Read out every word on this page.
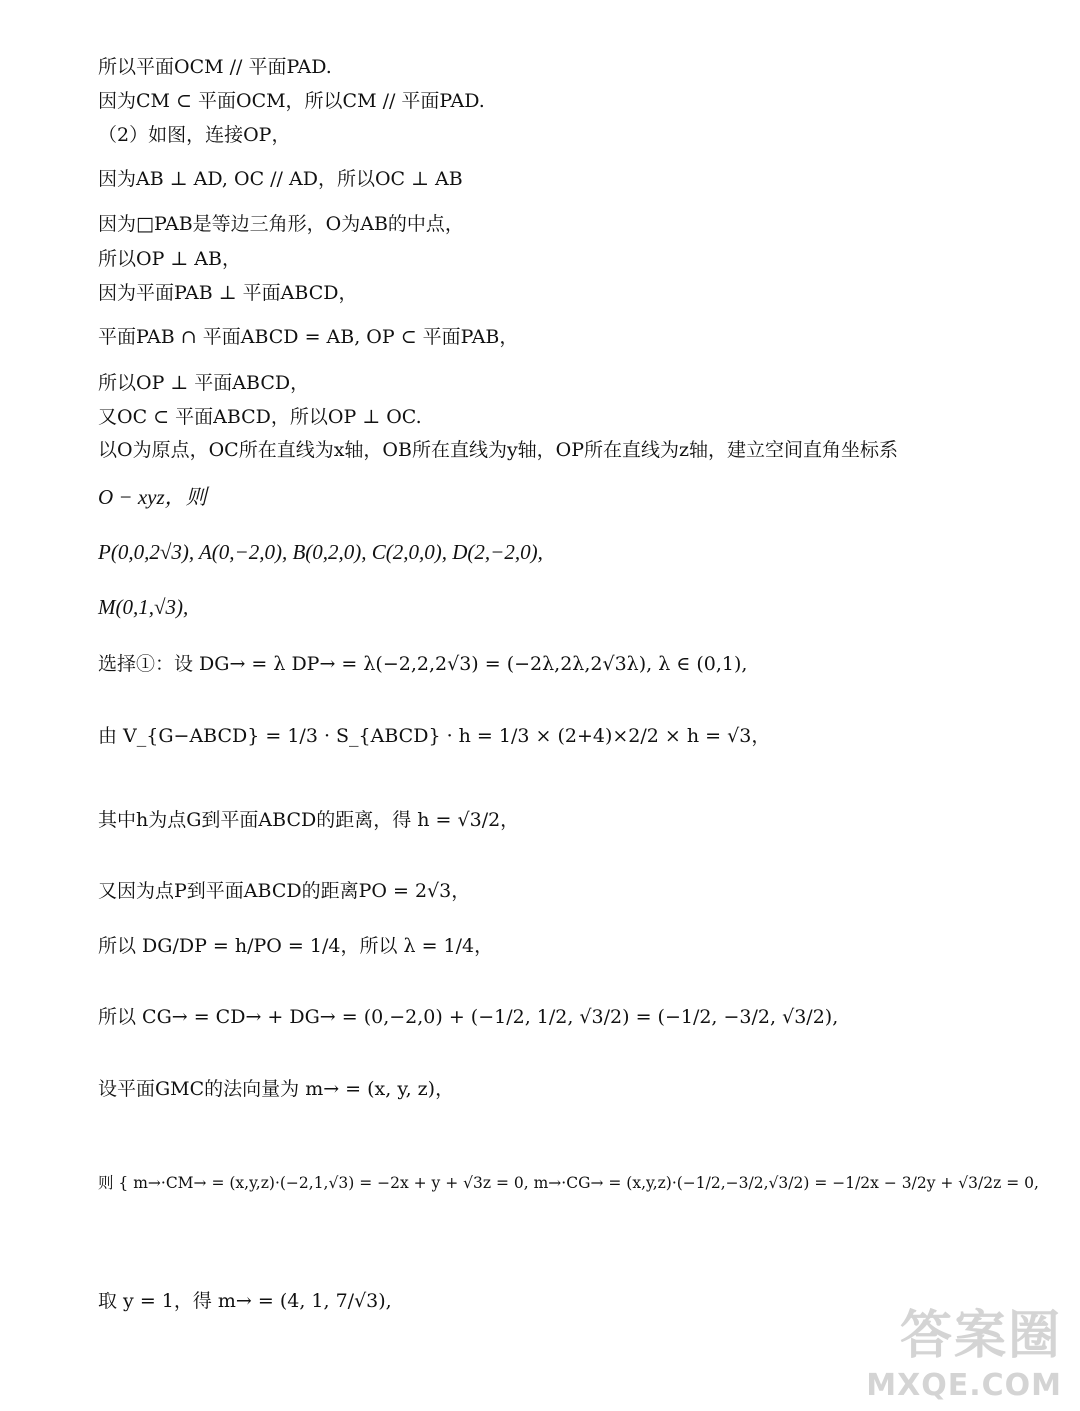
所以平面OCM // 平面PAD.
因为CM ⊂ 平面OCM，所以CM // 平面PAD.
（2）如图，连接OP，
因为AB ⊥ AD, OC // AD，所以OC ⊥ AB
因为□PAB是等边三角形，O为AB的中点，
所以OP ⊥ AB，
因为平面PAB ⊥ 平面ABCD，
平面PAB ∩ 平面ABCD = AB, OP ⊂ 平面PAB，
所以OP ⊥ 平面ABCD，
又OC ⊂ 平面ABCD，所以OP ⊥ OC.
以O为原点，OC所在直线为x轴，OB所在直线为y轴，OP所在直线为z轴，建立空间直角坐标系
O − xyz，则
P(0,0,2√3), A(0,−2,0), B(0,2,0), C(2,0,0), D(2,−2,0),
M(0,1,√3),
选择①：设 DG→ = λ DP→ = λ(−2,2,2√3) = (−2λ,2λ,2√3λ), λ ∈ (0,1),
由 V_{G−ABCD} = 1/3 · S_{ABCD} · h = 1/3 × (2+4)×2/2 × h = √3，
其中h为点G到平面ABCD的距离，得 h = √3/2，
又因为点P到平面ABCD的距离PO = 2√3，
所以 DG/DP = h/PO = 1/4，所以 λ = 1/4，
所以 CG→ = CD→ + DG→ = (0,−2,0) + (−1/2, 1/2, √3/2) = (−1/2, −3/2, √3/2),
设平面GMC的法向量为 m→ = (x, y, z)，
则 { m→·CM→ = (x,y,z)·(−2,1,√3) = −2x + y + √3z = 0, m→·CG→ = (x,y,z)·(−1/2,−3/2,√3/2) = −1/2x − 3/2y + √3/2z = 0,
取 y = 1，得 m→ = (4, 1, 7/√3),
答案圈
MXQE.COM
